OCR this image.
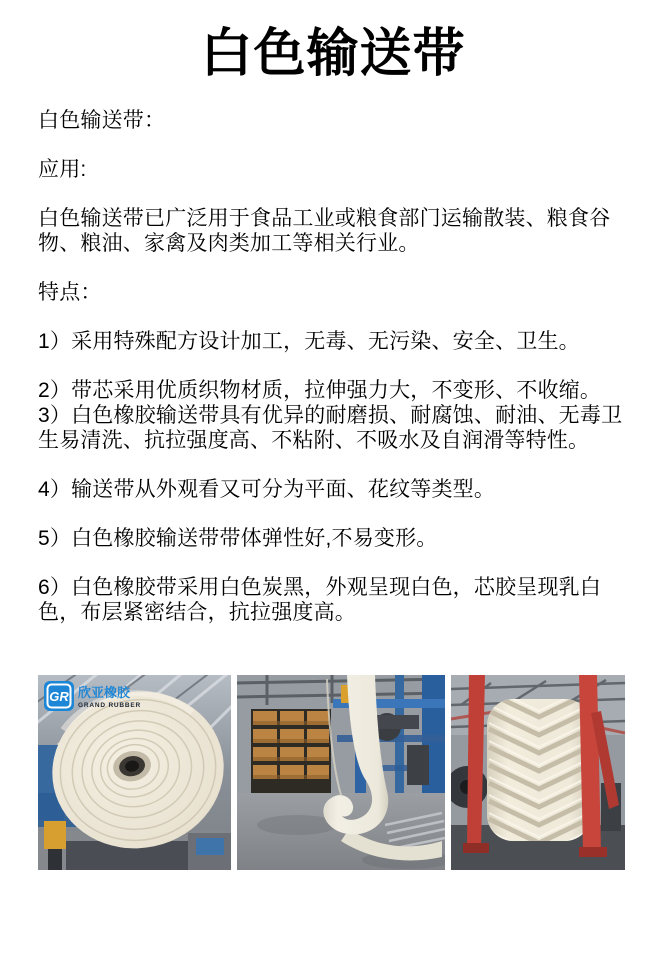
白色输送带

白色输送带：

应用:

白色输送带已广泛用于食品工业或粮食部门运输散装、粮食谷物、粮油、家禽及肉类加工等相关行业。

特点：

1）采用特殊配方设计加工，无毒、无污染、安全、卫生。

2）带芯采用优质织物材质，拉伸强力大，不变形、不收缩。

3）白色橡胶输送带具有优异的耐磨损、耐腐蚀、耐油、无毒卫生易清洗、抗拉强度高、不粘附、不吸水及自润滑等特性。

4）输送带从外观看又可分为平面、花纹等类型。

5）白色橡胶输送带带体弹性好,不易变形。

6）白色橡胶带采用白色炭黑，外观呈现白色，芯胶呈现乳白色，布层紧密结合，抗拉强度高。

GR 欣亚橡胶
GRAND RUBBER
